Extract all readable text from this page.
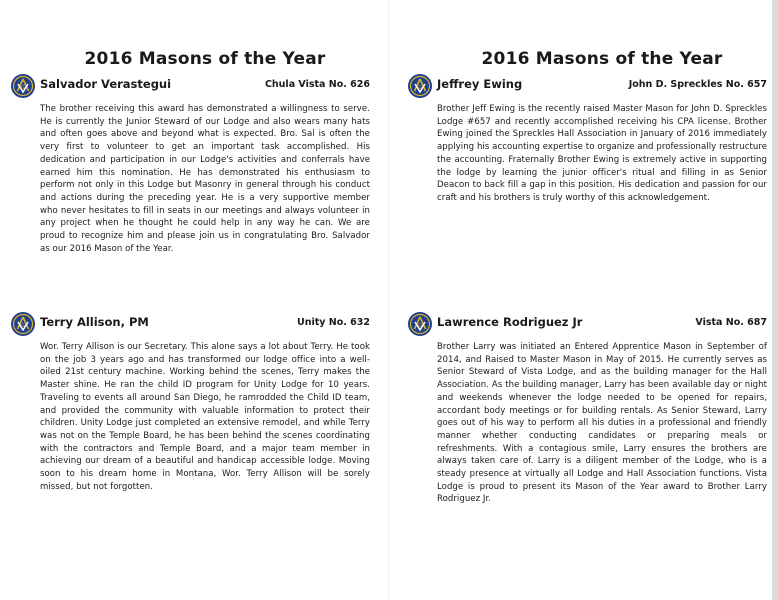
2016 Masons of the Year
G Salvador Verastegui	Chula Vista No. 626

The brother receiving this award has demonstrated a willingness to serve. He is currently the Junior Steward of our Lodge and also wears many hats and often goes above and beyond what is expected. Bro. Sal is often the very first to volunteer to get an important task accomplished. His dedication and participation in our Lodge's activities and conferrals have earned him this nomination. He has demonstrated his enthusiasm to perform not only in this Lodge but Masonry in general through his conduct and actions during the preceding year. He is a very supportive member who never hesitates to fill in seats in our meetings and always volunteer in any project when he thought he could help in any way he can. We are proud to recognize him and please join us in congratulating Bro. Salvador as our 2016 Mason of the Year.

2016 Masons of the Year
G Jeffrey Ewing	John D. Spreckles No. 657

Brother Jeff Ewing is the recently raised Master Mason for John D. Spreckles Lodge #657 and recently accomplished receiving his CPA license. Brother Ewing joined the Spreckles Hall Association in January of 2016 immediately applying his accounting expertise to organize and professionally restructure the accounting. Fraternally Brother Ewing is extremely active in supporting the lodge by learning the junior officer's ritual and filling in as Senior Deacon to back fill a gap in this position. His dedication and passion for our craft and his brothers is truly worthy of this acknowledgement.

G Terry Allison, PM	Unity No. 632

Wor. Terry Allison is our Secretary. This alone says a lot about Terry. He took on the job 3 years ago and has transformed our lodge office into a well-oiled 21st century machine. Working behind the scenes, Terry makes the Master shine. He ran the child ID program for Unity Lodge for 10 years. Traveling to events all around San Diego, he ramrodded the Child ID team, and provided the community with valuable information to protect their children. Unity Lodge just completed an extensive remodel, and while Terry was not on the Temple Board, he has been behind the scenes coordinating with the contractors and Temple Board, and a major team member in achieving our dream of a beautiful and handicap accessible lodge. Moving soon to his dream home in Montana, Wor. Terry Allison will be sorely missed, but not forgotten.

G Lawrence Rodriguez Jr	Vista No. 687

Brother Larry was initiated an Entered Apprentice Mason in September of 2014, and Raised to Master Mason in May of 2015. He currently serves as Senior Steward of Vista Lodge, and as the building manager for the Hall Association. As the building manager, Larry has been available day or night and weekends whenever the lodge needed to be opened for repairs, accordant body meetings or for building rentals. As Senior Steward, Larry goes out of his way to perform all his duties in a professional and friendly manner whether conducting candidates or preparing meals or refreshments. With a contagious smile, Larry ensures the brothers are always taken care of. Larry is a diligent member of the Lodge, who is a steady presence at virtually all Lodge and Hall Association functions. Vista Lodge is proud to present its Mason of the Year award to Brother Larry Rodriguez Jr.
